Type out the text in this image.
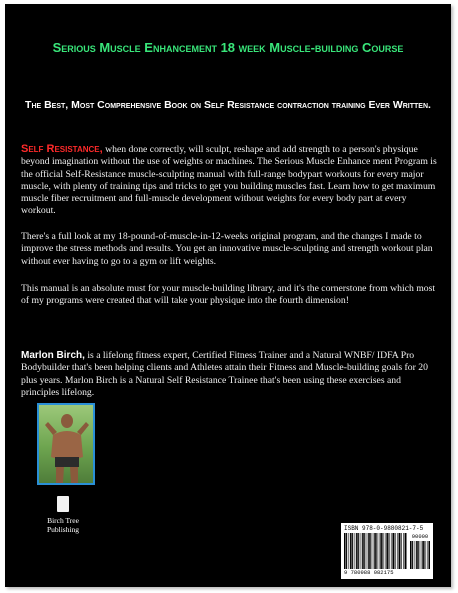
Serious Muscle Enhancement 18 week Muscle-building Course
The Best, Most Comprehensive Book on Self Resistance contraction training Ever Written.

Self Resistance, when done correctly, will sculpt, reshape and add strength to a person's physique beyond imagination without the use of weights or machines. The Serious Muscle Enhance ment Program is the official Self-Resistance muscle-sculpting manual with full-range bodypart workouts for every major muscle, with plenty of training tips and tricks to get you building muscles fast. Learn how to get maximum muscle fiber recruitment and full-muscle development without weights for every body part at every workout.

There's a full look at my 18-pound-of-muscle-in-12-weeks original program, and the changes I made to improve the stress methods and results. You get an innovative muscle-sculpting and strength workout plan without ever having to go to a gym or lift weights.

This manual is an absolute must for your muscle-building library, and it's the cornerstone from which most of my programs were created that will take your physique into the fourth dimension!

Marlon Birch, is a lifelong fitness expert, Certified Fitness Trainer and a Natural WNBF/ IDFA Pro Bodybuilder that's been helping clients and Athletes attain their Fitness and Muscle-building goals for 20 plus years. Marlon Birch is a Natural Self Resistance Trainee that's been using these exercises and principles lifelong.

Birch Tree Publishing	ISBN 978-0-9880821-7-5
90000
9 780988 082175
